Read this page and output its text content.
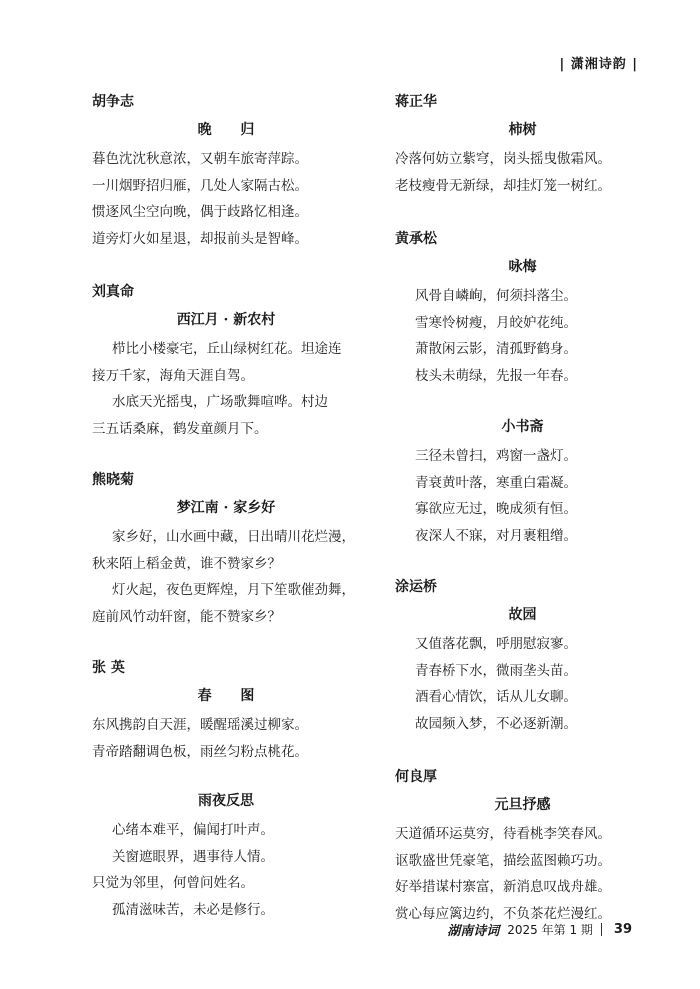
| 潇湘诗韵 |
胡争志
晚 归
暮色沈沈秋意浓，又朝车旅寄萍踪。
一川烟野招归雁，几处人家隔古松。
惯逐风尘空向晚，偶于歧路忆相逢。
道旁灯火如星退，却报前头是智峰。
刘真命
西江月 · 新农村
栉比小楼豪宅，丘山绿树红花。坦途连
接万千家，海角天涯自驾。
水底天光摇曳，广场歌舞喧哗。村边
三五话桑麻，鹤发童颜月下。
熊晓菊
梦江南 · 家乡好
家乡好，山水画中藏，日出晴川花烂漫，
秋来陌上稻金黄，谁不赞家乡？
灯火起，夜色更辉煌，月下笙歌催劲舞，
庭前风竹动轩窗，能不赞家乡？
张 英
春 图
东风携韵自天涯，暖醒瑶溪过柳家。
青帝踏翻调色板，雨丝匀粉点桃花。
雨夜反思
心绪本难平，偏闻打叶声。
关窗遮眼界，遇事待人情。
只觉为邻里，何曾问姓名。
孤清滋味苦，未必是修行。
蒋正华
柿树
冷落何妨立紫穹，岗头摇曳傲霜风。
老枝瘦骨无新绿，却挂灯笼一树红。
黄承松
咏梅
风骨自嶙峋，何须抖落尘。
雪寒怜树瘦，月皎妒花纯。
萧散闲云影，清孤野鹤身。
枝头未萌绿，先报一年春。
小书斋
三径未曾扫，鸡窗一盏灯。
青衰黄叶落，寒重白霜凝。
寡欲应无过，晚成须有恒。
夜深人不寐，对月裹粗缯。
涂运桥
故园
又值落花飘，呼朋慰寂寥。
青春桥下水，微雨垄头苗。
酒看心情饮，话从儿女聊。
故园频入梦，不必逐新潮。
何良厚
元旦抒感
天道循环运莫穷，待看桃李笑春风。
讴歌盛世凭豪笔，描绘蓝图赖巧功。
好举措谋村寨富，新消息叹战舟雄。
赏心每应篱边约，不负茶花烂漫红。
湖南诗词 2025 年第 1 期 39
